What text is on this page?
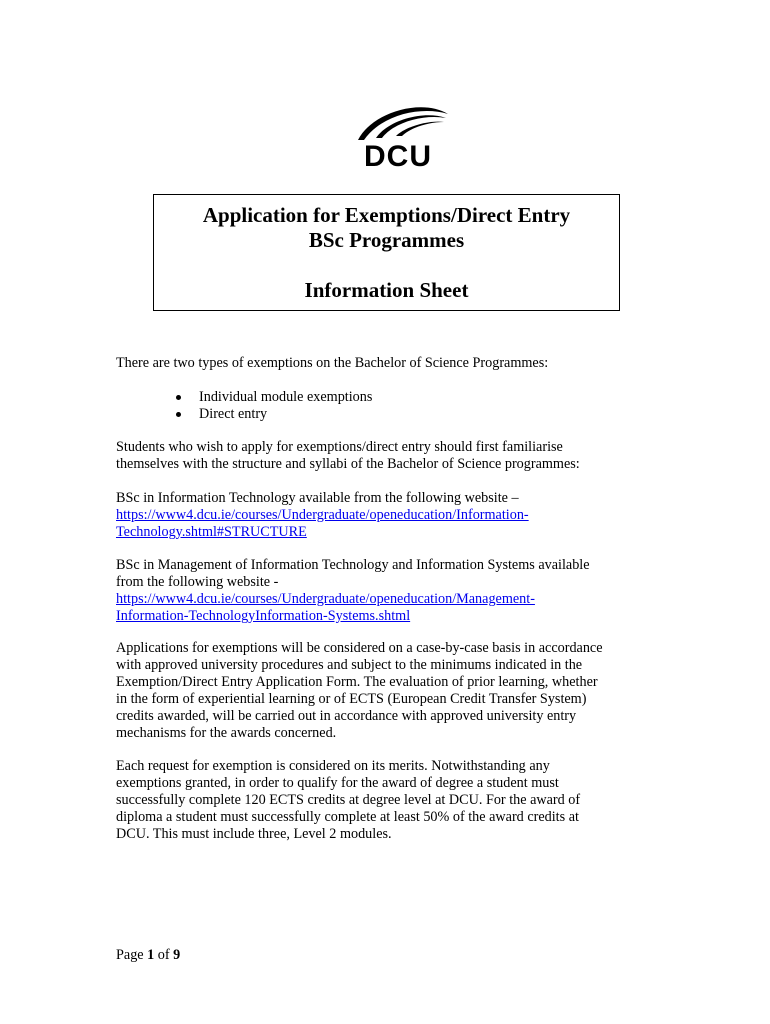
DCU
Application for Exemptions/Direct Entry
BSc Programmes
Information Sheet

There are two types of exemptions on the Bachelor of Science Programmes:

Individual module exemptions
Direct entry
Students who wish to apply for exemptions/direct entry should first familiarise
themselves with the structure and syllabi of the Bachelor of Science programmes:
BSc in Information Technology available from the following website –
https://www4.dcu.ie/courses/Undergraduate/openeducation/Information-
Technology.shtml#STRUCTURE
BSc in Management of Information Technology and Information Systems available
from the following website -
https://www4.dcu.ie/courses/Undergraduate/openeducation/Management-
Information-TechnologyInformation-Systems.shtml
Applications for exemptions will be considered on a case-by-case basis in accordance
with approved university procedures and subject to the minimums indicated in the
Exemption/Direct Entry Application Form. The evaluation of prior learning, whether
in the form of experiential learning or of ECTS (European Credit Transfer System)
credits awarded, will be carried out in accordance with approved university entry
mechanisms for the awards concerned.
Each request for exemption is considered on its merits. Notwithstanding any
exemptions granted, in order to qualify for the award of degree a student must
successfully complete 120 ECTS credits at degree level at DCU. For the award of
diploma a student must successfully complete at least 50% of the award credits at
DCU. This must include three, Level 2 modules.
Page 1 of 9
